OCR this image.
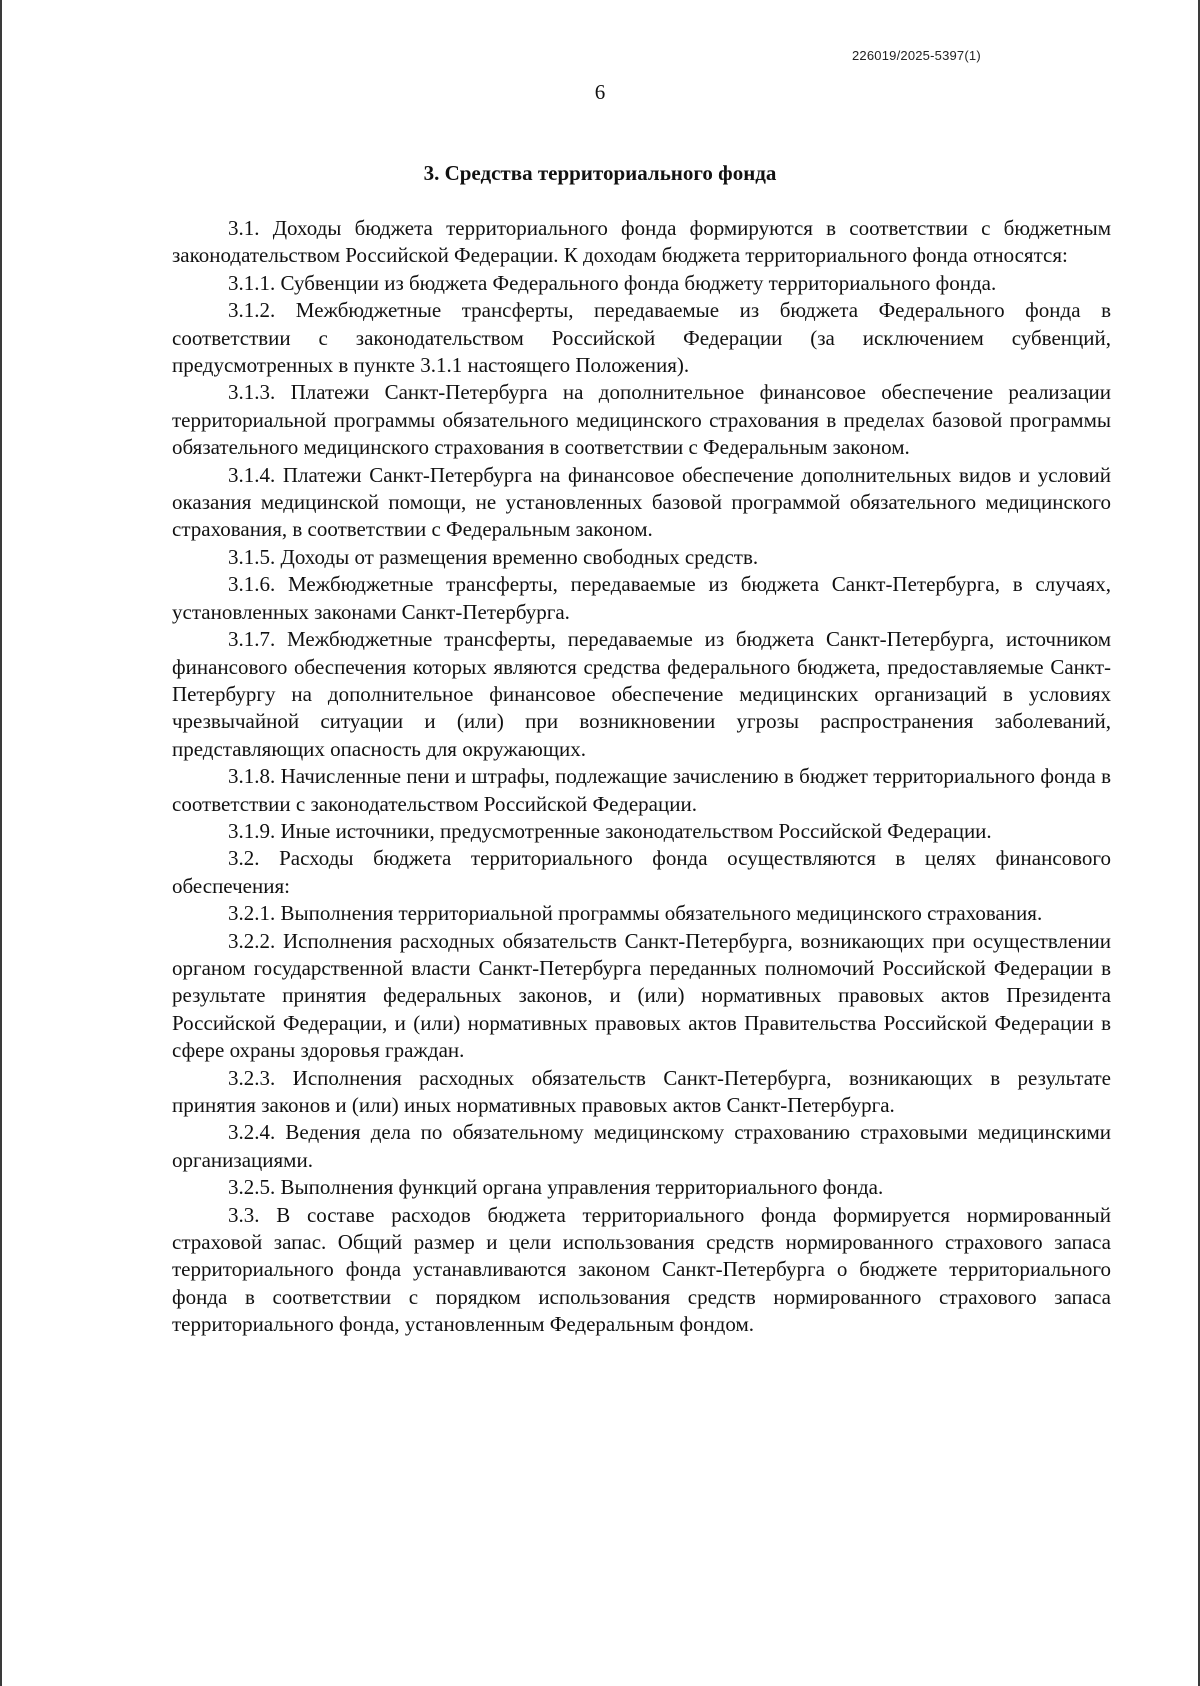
226019/2025-5397(1)
6
3. Средства территориального фонда

3.1. Доходы бюджета территориального фонда формируются в соответствии с бюджетным законодательством Российской Федерации. К доходам бюджета территориального фонда относятся:

3.1.1. Субвенции из бюджета Федерального фонда бюджету территориального фонда.

3.1.2. Межбюджетные трансферты, передаваемые из бюджета Федерального фонда в соответствии с законодательством Российской Федерации (за исключением субвенций, предусмотренных в пункте 3.1.1 настоящего Положения).

3.1.3. Платежи Санкт-Петербурга на дополнительное финансовое обеспечение реализации территориальной программы обязательного медицинского страхования в пределах базовой программы обязательного медицинского страхования в соответствии с Федеральным законом.

3.1.4. Платежи Санкт-Петербурга на финансовое обеспечение дополнительных видов и условий оказания медицинской помощи, не установленных базовой программой обязательного медицинского страхования, в соответствии с Федеральным законом.

3.1.5. Доходы от размещения временно свободных средств.

3.1.6. Межбюджетные трансферты, передаваемые из бюджета Санкт-Петербурга, в случаях, установленных законами Санкт-Петербурга.

3.1.7. Межбюджетные трансферты, передаваемые из бюджета Санкт-Петербурга, источником финансового обеспечения которых являются средства федерального бюджета, предоставляемые Санкт-Петербургу на дополнительное финансовое обеспечение медицинских организаций в условиях чрезвычайной ситуации и (или) при возникновении угрозы распространения заболеваний, представляющих опасность для окружающих.

3.1.8. Начисленные пени и штрафы, подлежащие зачислению в бюджет территориального фонда в соответствии с законодательством Российской Федерации.

3.1.9. Иные источники, предусмотренные законодательством Российской Федерации.

3.2. Расходы бюджета территориального фонда осуществляются в целях финансового обеспечения:

3.2.1. Выполнения территориальной программы обязательного медицинского страхования.

3.2.2. Исполнения расходных обязательств Санкт-Петербурга, возникающих при осуществлении органом государственной власти Санкт-Петербурга переданных полномочий Российской Федерации в результате принятия федеральных законов, и (или) нормативных правовых актов Президента Российской Федерации, и (или) нормативных правовых актов Правительства Российской Федерации в сфере охраны здоровья граждан.

3.2.3. Исполнения расходных обязательств Санкт-Петербурга, возникающих в результате принятия законов и (или) иных нормативных правовых актов Санкт-Петербурга.

3.2.4. Ведения дела по обязательному медицинскому страхованию страховыми медицинскими организациями.

3.2.5. Выполнения функций органа управления территориального фонда.

3.3. В составе расходов бюджета территориального фонда формируется нормированный страховой запас. Общий размер и цели использования средств нормированного страхового запаса территориального фонда устанавливаются законом Санкт-Петербурга о бюджете территориального фонда в соответствии с порядком использования средств нормированного страхового запаса территориального фонда, установленным Федеральным фондом.
